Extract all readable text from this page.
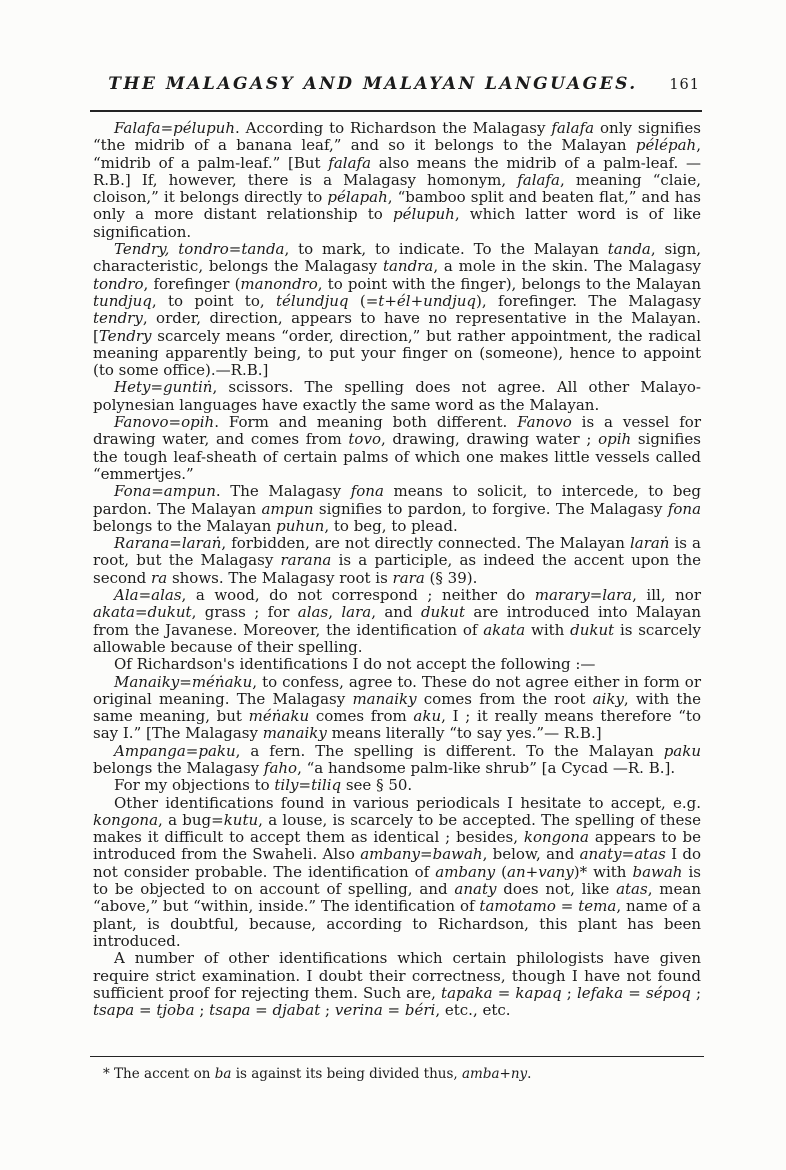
THE MALAGASY AND MALAYAN LANGUAGES.	161

Falafa=pélupuh. According to Richardson the Malagasy falafa only signifies “the midrib of a banana leaf,” and so it belongs to the Malayan pélépah, “midrib of a palm-leaf.” [But falafa also means the midrib of a palm-leaf. — R.B.] If, however, there is a Malagasy homonym, falafa, meaning “claie, cloison,” it belongs directly to pélapah, “bamboo split and beaten flat,” and has only a more distant relationship to pélupuh, which latter word is of like signification.

Tendry, tondro=tanda, to mark, to indicate. To the Malayan tanda, sign, characteristic, belongs the Malagasy tandra, a mole in the skin. The Malagasy tondro, forefinger (manondro, to point with the finger), belongs to the Malayan tundjuq, to point to, télundjuq (=t+él+undjuq), forefinger. The Malagasy tendry, order, direction, appears to have no representative in the Malayan. [Tendry scarcely means “order, direction,” but rather appointment, the radical meaning apparently being, to put your finger on (someone), hence to appoint (to some office).—R.B.]

Hety=guntiṅ, scissors. The spelling does not agree. All other Malayo-polynesian languages have exactly the same word as the Malayan.

Fanovo=opih. Form and meaning both different. Fanovo is a vessel for drawing water, and comes from tovo, drawing, drawing water ; opih signifies the tough leaf-sheath of certain palms of which one makes little vessels called “emmertjes.”

Fona=ampun. The Malagasy fona means to solicit, to intercede, to beg pardon. The Malayan ampun signifies to pardon, to forgive. The Malagasy fona belongs to the Malayan puhun, to beg, to plead.

Rarana=laraṅ, forbidden, are not directly connected. The Malayan laraṅ is a root, but the Malagasy rarana is a participle, as indeed the accent upon the second ra shows. The Malagasy root is rara (§ 39).

Ala=alas, a wood, do not correspond ; neither do marary=lara, ill, nor akata=dukut, grass ; for alas, lara, and dukut are introduced into Malayan from the Javanese. Moreover, the identification of akata with dukut is scarcely allowable because of their spelling.

Of Richardson's identifications I do not accept the following :—

Manaiky=méṅaku, to confess, agree to. These do not agree either in form or original meaning. The Malagasy manaiky comes from the root aiky, with the same meaning, but méṅaku comes from aku, I ; it really means therefore “to say I.” [The Malagasy manaiky means literally “to say yes.”— R.B.]

Ampanga=paku, a fern. The spelling is different. To the Malayan paku belongs the Malagasy faho, “a handsome palm-like shrub” [a Cycad —R. B.].

For my objections to tily=tiliq see § 50.

Other identifications found in various periodicals I hesitate to accept, e.g. kongona, a bug=kutu, a louse, is scarcely to be accepted. The spelling of these makes it difficult to accept them as identical ; besides, kongona appears to be introduced from the Swaheli. Also ambany=bawah, below, and anaty=atas I do not consider probable. The identification of ambany (an+vany)* with bawah is to be objected to on account of spelling, and anaty does not, like atas, mean “above,” but “within, inside.” The identification of tamotamo = tema, name of a plant, is doubtful, because, according to Richardson, this plant has been introduced.

A number of other identifications which certain philologists have given require strict examination. I doubt their correctness, though I have not found sufficient proof for rejecting them. Such are, tapaka = kapaq ; lefaka = sépoq ; tsapa = tjoba ; tsapa = djabat ; verina = béri, etc., etc.

* The accent on ba is against its being divided thus, amba+ny.
